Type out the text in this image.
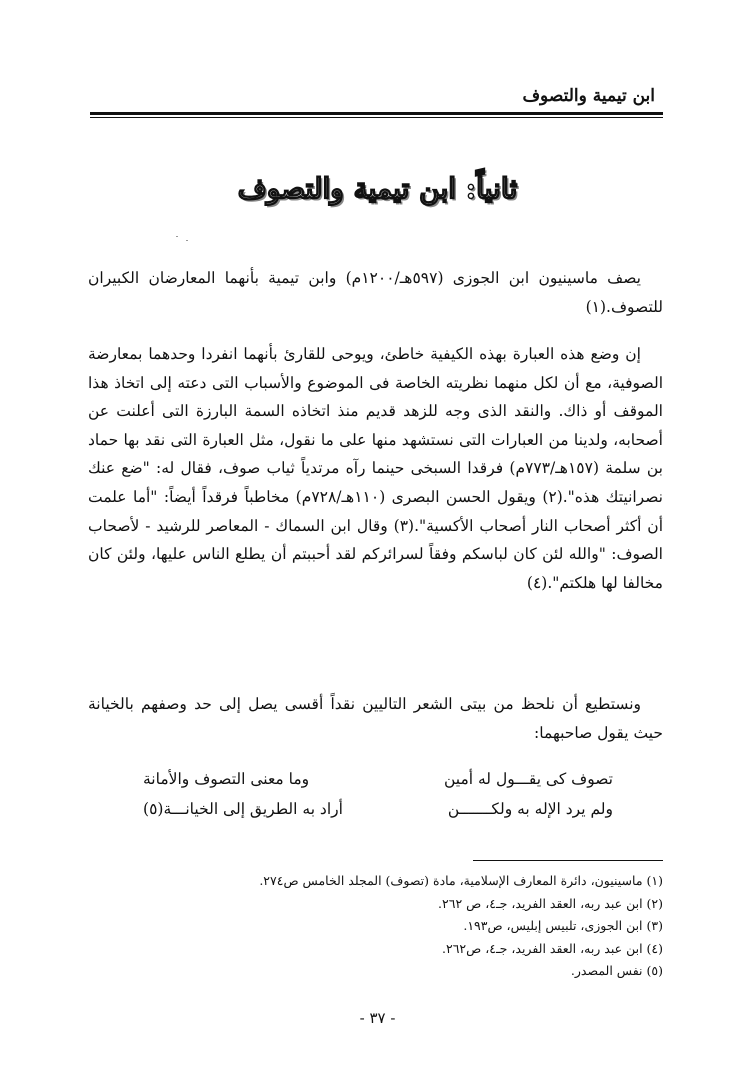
ابن تيمية والتصوف
ثانياً: ابن تيمية والتصوف
يصف ماسينيون ابن الجوزى (٥٩٧هـ/١٢٠٠م) وابن تيمية بأنهما المعارضان الكبيران للتصوف.(١)
إن وضع هذه العبارة بهذه الكيفية خاطئ، ويوحى للقارئ بأنهما انفردا وحدهما بمعارضة الصوفية، مع أن لكل منهما نظريته الخاصة فى الموضوع والأسباب التى دعته إلى اتخاذ هذا الموقف أو ذاك. والنقد الذى وجه للزهد قديم منذ اتخاذه السمة البارزة التى أعلنت عن أصحابه، ولدينا من العبارات التى نستشهد منها على ما نقول، مثل العبارة التى نقد بها حماد بن سلمة (١٥٧هـ/٧٧٣م) فرقدا السبخى حينما رآه مرتدياً ثياب صوف، فقال له: "ضع عنك نصرانيتك هذه".(٢) ويقول الحسن البصرى (١١٠هـ/٧٢٨م) مخاطباً فرقداً أيضاً: "أما علمت أن أكثر أصحاب النار أصحاب الأكسية".(٣) وقال ابن السماك - المعاصر للرشيد - لأصحاب الصوف: "والله لئن كان لباسكم وفقاً لسرائركم لقد أحببتم أن يطلع الناس عليها، ولئن كان مخالفا لها هلكتم".(٤)
ونستطيع أن نلحظ من بيتى الشعر التاليين نقداً أقسى يصل إلى حد وصفهم بالخيانة حيث يقول صاحبهما:
تصوف كى يقـــول له أمين
وما معنى التصوف والأمانة
ولم يرد الإله به ولكـــــــن
أراد به الطريق إلى الخيانـــة(٥)
(١) ماسينيون، دائرة المعارف الإسلامية، مادة (تصوف) المجلد الخامس ص٢٧٤.
(٢) ابن عبد ربه، العقد الفريد، جـ٤، ص ٢٦٢.
(٣) ابن الجوزى، تلبيس إبليس، ص١٩٣.
(٤) ابن عبد ربه، العقد الفريد، جـ٤، ص٢٦٢.
(٥) نفس المصدر.
- ٣٧ -
